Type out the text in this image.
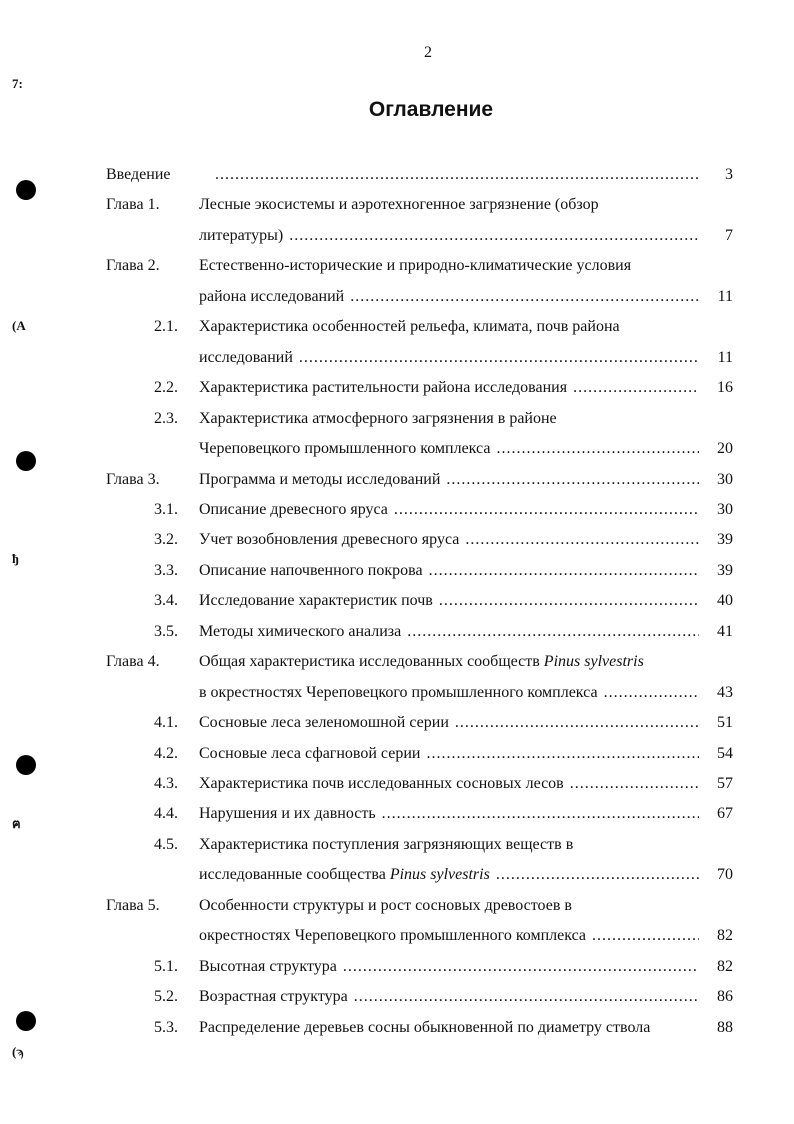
2
Оглавление
7:
(A
ђ
ฅ
(ϡ
Введение .....	3
Глава 1.	Лесные экосистемы и аэротехногенное загрязнение (обзор
литературы) .....	7
Глава 2.	Естественно-исторические и природно-климатические условия
района исследований .....	11
2.1. Характеристика особенностей рельефа, климата, почв района
исследований .....	11
2.2. Характеристика растительности района исследования .....	16
2.3. Характеристика атмосферного загрязнения в районе
Череповецкого промышленного комплекса .....	20
Глава 3.	Программа и методы исследований .....	30
3.1. Описание древесного яруса .....	30
3.2. Учет возобновления древесного яруса .....	39
3.3. Описание напочвенного покрова .....	39
3.4. Исследование характеристик почв .....	40
3.5. Методы химического анализа .....	41
Глава 4.	Общая характеристика исследованных сообществ Pinus sylvestris
в окрестностях Череповецкого промышленного комплекса .....	43
4.1. Сосновые леса зеленомошной серии .....	51
4.2. Сосновые леса сфагновой серии .....	54
4.3. Характеристика почв исследованных сосновых лесов .....	57
4.4. Нарушения и их давность .....	67
4.5. Характеристика поступления загрязняющих веществ в
исследованные сообщества Pinus sylvestris .....	70
Глава 5.	Особенности структуры и рост сосновых древостоев в
окрестностях Череповецкого промышленного комплекса .....	82
5.1. Высотная структура .....	82
5.2. Возрастная структура .....	86
5.3. Распределение деревьев сосны обыкновенной по диаметру ствола	88
